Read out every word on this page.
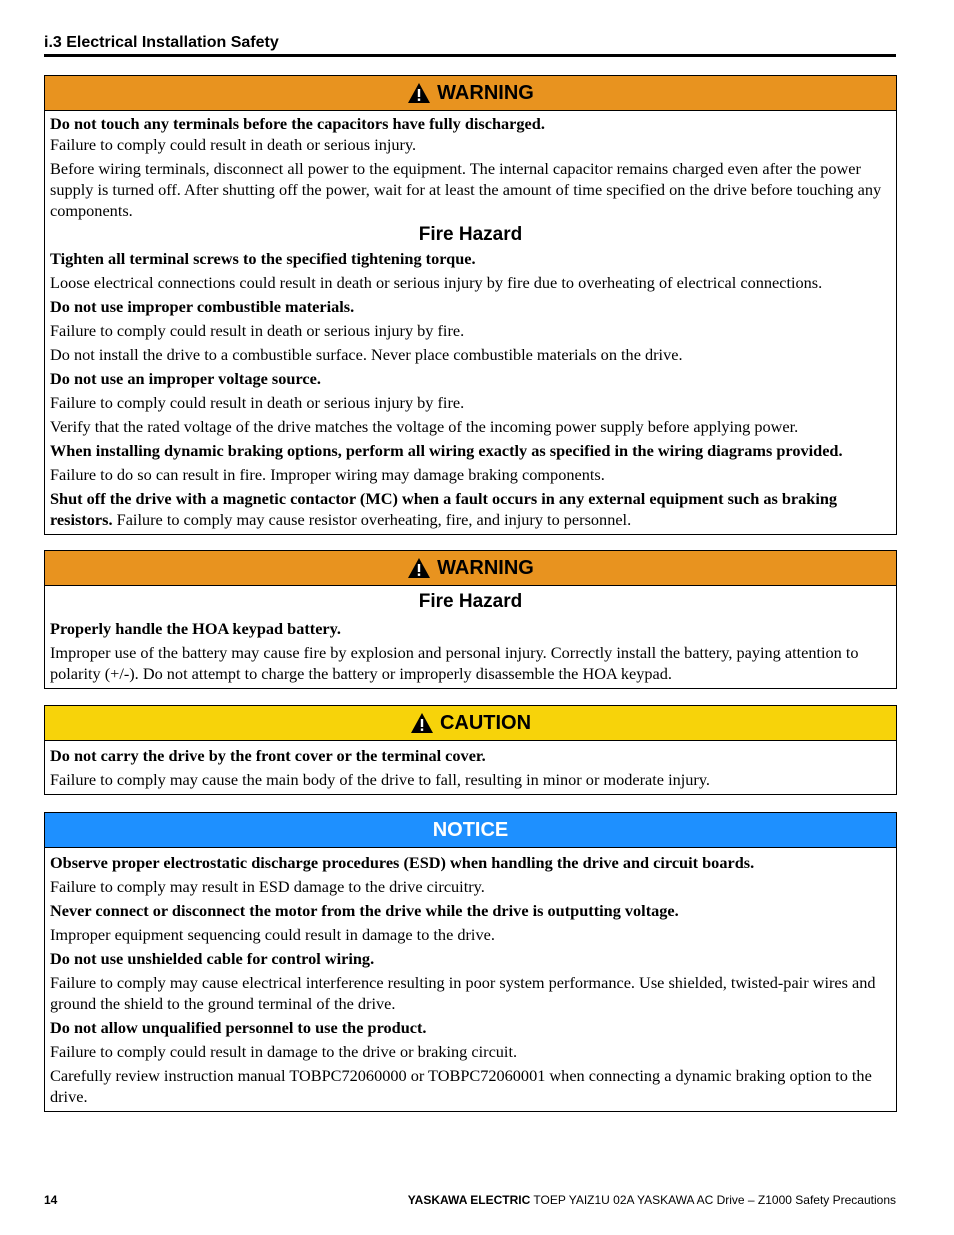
i.3 Electrical Installation Safety
WARNING

Do not touch any terminals before the capacitors have fully discharged.

Failure to comply could result in death or serious injury.

Before wiring terminals, disconnect all power to the equipment. The internal capacitor remains charged even after the power supply is turned off. After shutting off the power, wait for at least the amount of time specified on the drive before touching any components.

Fire Hazard

Tighten all terminal screws to the specified tightening torque.

Loose electrical connections could result in death or serious injury by fire due to overheating of electrical connections.

Do not use improper combustible materials.

Failure to comply could result in death or serious injury by fire.

Do not install the drive to a combustible surface. Never place combustible materials on the drive.

Do not use an improper voltage source.

Failure to comply could result in death or serious injury by fire.

Verify that the rated voltage of the drive matches the voltage of the incoming power supply before applying power.

When installing dynamic braking options, perform all wiring exactly as specified in the wiring diagrams provided.

Failure to do so can result in fire. Improper wiring may damage braking components.

Shut off the drive with a magnetic contactor (MC) when a fault occurs in any external equipment such as braking resistors. Failure to comply may cause resistor overheating, fire, and injury to personnel.

WARNING
Fire Hazard

Properly handle the HOA keypad battery.

Improper use of the battery may cause fire by explosion and personal injury. Correctly install the battery, paying attention to polarity (+/-). Do not attempt to charge the battery or improperly disassemble the HOA keypad.

CAUTION

Do not carry the drive by the front cover or the terminal cover.

Failure to comply may cause the main body of the drive to fall, resulting in minor or moderate injury.

NOTICE

Observe proper electrostatic discharge procedures (ESD) when handling the drive and circuit boards.

Failure to comply may result in ESD damage to the drive circuitry.

Never connect or disconnect the motor from the drive while the drive is outputting voltage.

Improper equipment sequencing could result in damage to the drive.

Do not use unshielded cable for control wiring.

Failure to comply may cause electrical interference resulting in poor system performance. Use shielded, twisted-pair wires and ground the shield to the ground terminal of the drive.

Do not allow unqualified personnel to use the product.

Failure to comply could result in damage to the drive or braking circuit.

Carefully review instruction manual TOBPC72060000 or TOBPC72060001 when connecting a dynamic braking option to the drive.

14	YASKAWA ELECTRIC TOEP YAIZ1U 02A YASKAWA AC Drive – Z1000 Safety Precautions
